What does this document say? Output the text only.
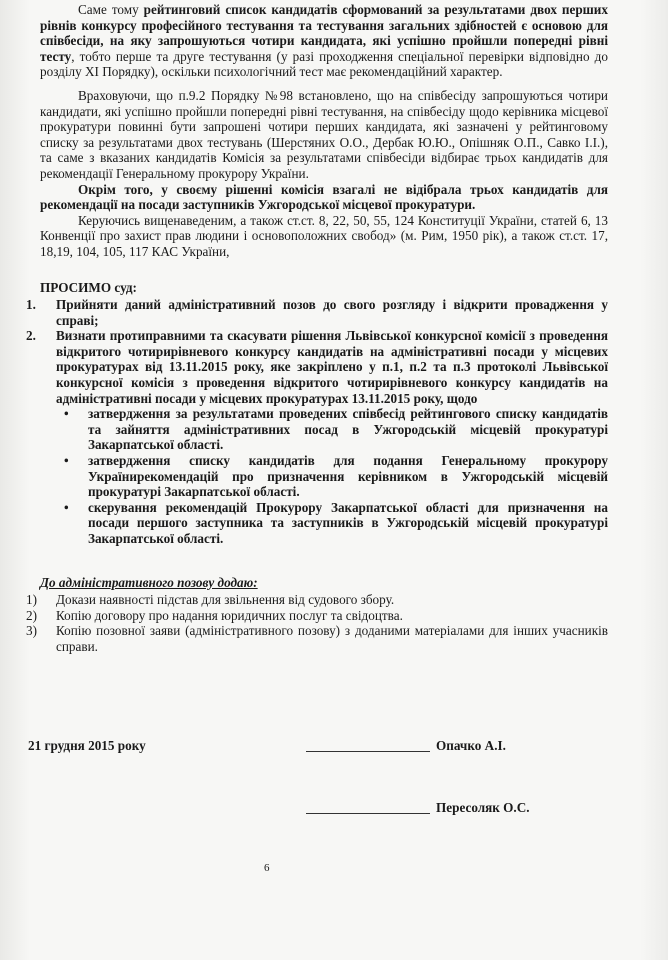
Саме тому рейтинговий список кандидатів сформований за результатами двох перших рівнів конкурсу професійного тестування та тестування загальних здібностей є основою для співбесіди, на яку запрошуються чотири кандидата, які успішно пройшли попередні рівні тесту, тобто перше та друге тестування (у разі проходження спеціальної перевірки відповідно до розділу XI Порядку), оскільки психологічний тест має рекомендаційний характер.

Враховуючи, що п.9.2 Порядку №98 встановлено, що на співбесіду запрошуються чотири кандидати, які успішно пройшли попередні рівні тестування, на співбесіду щодо керівника місцевої прокуратури повинні бути запрошені чотири перших кандидата, які зазначені у рейтинговому списку за результатами двох тестувань (Шерстяних О.О., Дербак Ю.Ю., Опішняк О.П., Савко І.І.), та саме з вказаних кандидатів Комісія за результатами співбесіди відбирає трьох кандидатів для рекомендації Генеральному прокурору України.

Окрім того, у своєму рішенні комісія взагалі не відібрала трьох кандидатів для рекомендації на посади заступників Ужгородської місцевої прокуратури.

Керуючись вищенаведеним, а також ст.ст. 8, 22, 50, 55, 124 Конституції України, статей 6, 13 Конвенції про захист прав людини і основоположних свобод» (м. Рим, 1950 рік), а також ст.ст. 17, 18,19, 104, 105, 117 КАС України,

ПРОСИМО суд:

1. Прийняти даний адміністративний позов до свого розгляду і відкрити провадження у справі;
2. Визнати протиправними та скасувати рішення Львівської конкурсної комісії з проведення відкритого чотирирівневого конкурсу кандидатів на адміністративні посади у місцевих прокуратурах від 13.11.2015 року, яке закріплено у п.1, п.2 та п.3 протоколі Львівської конкурсної комісія з проведення відкритого чотирирівневого конкурсу кандидатів на адміністративні посади у місцевих прокуратурах 13.11.2015 року, щодо
• затвердження за результатами проведених співбесід рейтингового списку кандидатів та зайняття адміністративних посад в Ужгородській місцевій прокуратурі Закарпатської області.
• затвердження списку кандидатів для подання Генеральному прокурору Українирекомендацій про призначення керівником в Ужгородській місцевій прокуратурі Закарпатської області.
• скерування рекомендацій Прокурору Закарпатської області для призначення на посади першого заступника та заступників в Ужгородській місцевій прокуратурі Закарпатської області.

До адміністративного позову додаю:

1) Докази наявності підстав для звільнення від судового збору.
2) Копію договору про надання юридичних послуг та свідоцтва.
3) Копію позовної заяви (адміністративного позову) з доданими матеріалами для інших учасників справи.
21 грудня 2015 року	Опачко А.І.
Пересоляк О.С.
6
